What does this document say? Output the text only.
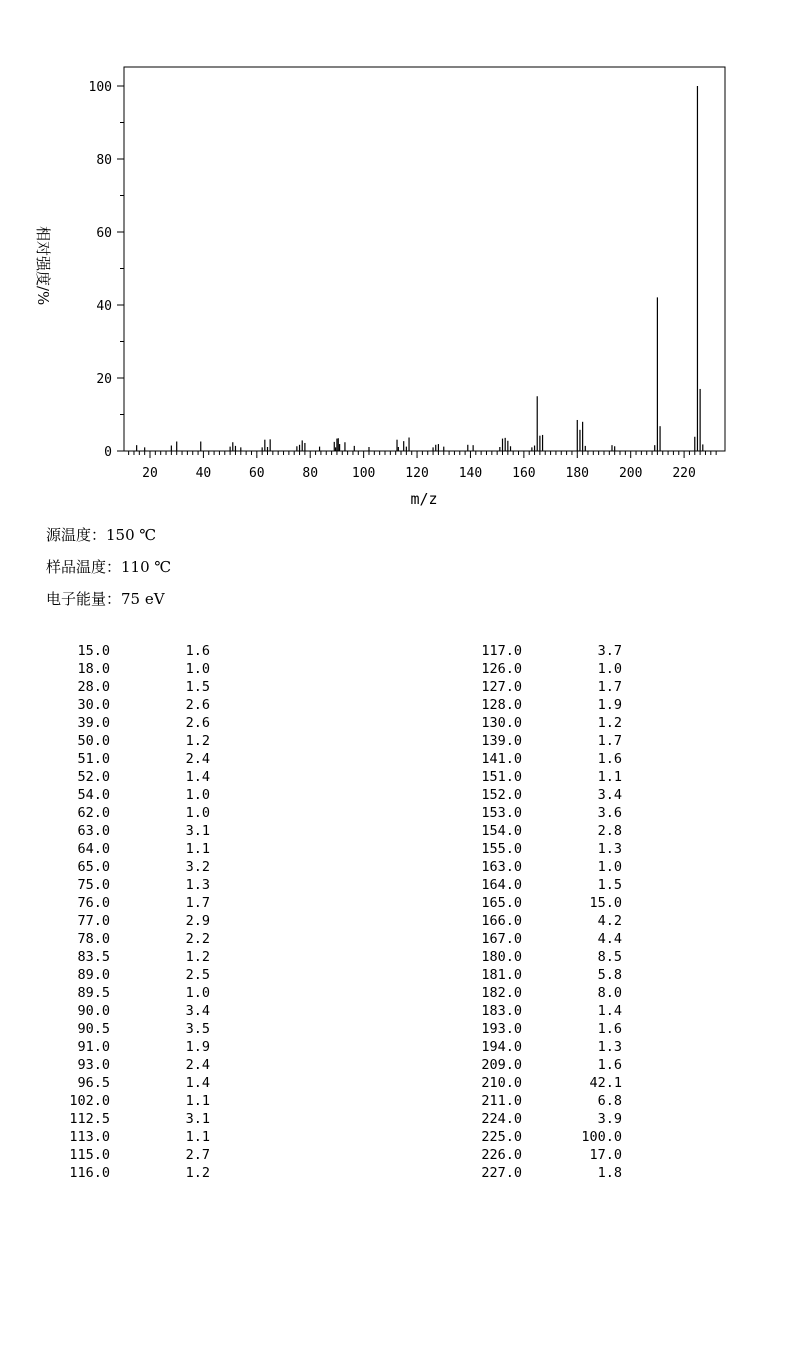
0
20
40
60
80
100
20	40	60	80	100 120 140 160 180 200 220
m/z
相对强度/%
源温度：150 ℃
样品温度：110 ℃
电子能量：75 eV
15.0	1.6
18.0	1.0
28.0	1.5
30.0	2.6
39.0	2.6
50.0	1.2
51.0	2.4
52.0	1.4
54.0	1.0
62.0	1.0
63.0	3.1
64.0	1.1
65.0	3.2
75.0	1.3
76.0	1.7
77.0	2.9
78.0	2.2
83.5	1.2
89.0	2.5
89.5	1.0
90.0	3.4
90.5	3.5
91.0	1.9
93.0	2.4
96.5	1.4
102.0	1.1
112.5	3.1
113.0	1.1
115.0	2.7
116.0	1.2
117.0	3.7
126.0	1.0
127.0	1.7
128.0	1.9
130.0	1.2
139.0	1.7
141.0	1.6
151.0	1.1
152.0	3.4
153.0	3.6
154.0	2.8
155.0	1.3
163.0	1.0
164.0	1.5
165.0	15.0
166.0	4.2
167.0	4.4
180.0	8.5
181.0	5.8
182.0	8.0
183.0	1.4
193.0	1.6
194.0	1.3
209.0	1.6
210.0	42.1
211.0	6.8
224.0	3.9
225.0	100.0
226.0	17.0
227.0	1.8
